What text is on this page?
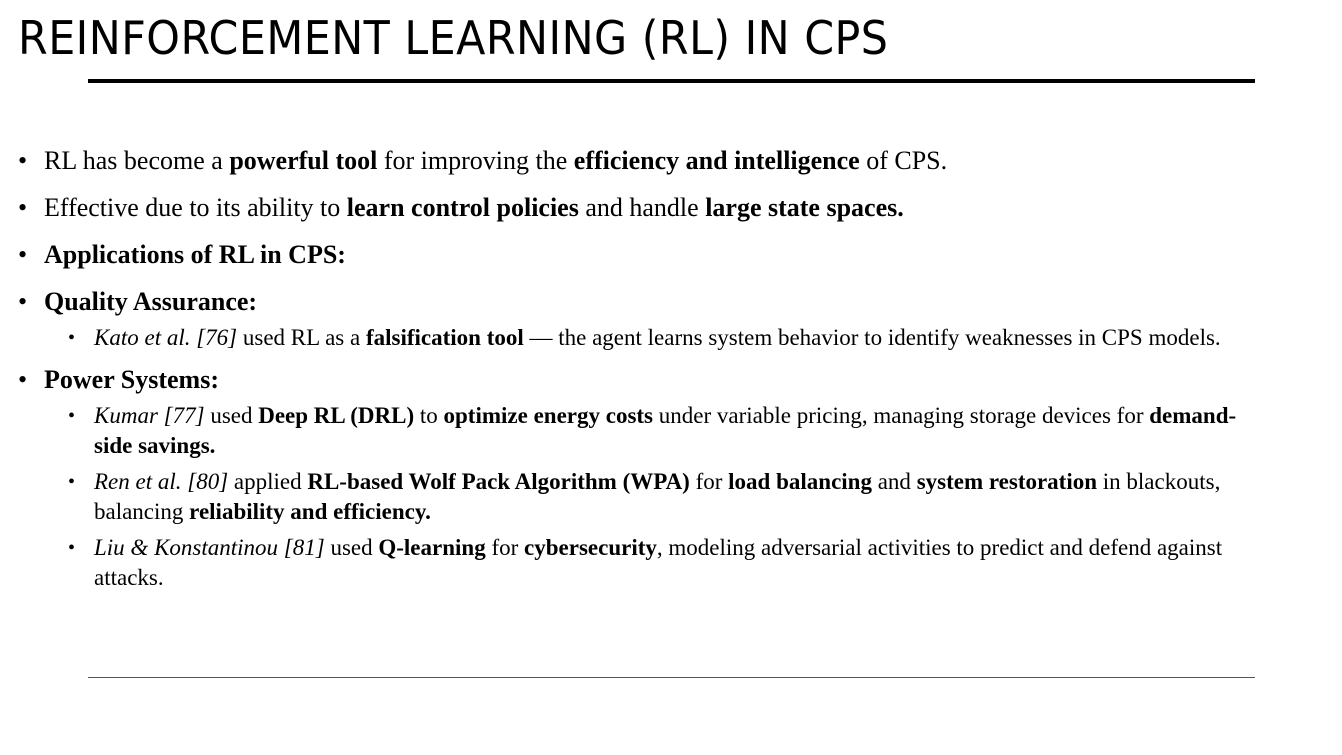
REINFORCEMENT LEARNING (RL) IN CPS
• RL has become a powerful tool for improving the efficiency and intelligence of CPS.
• Effective due to its ability to learn control policies and handle large state spaces.
• Applications of RL in CPS:
• Quality Assurance:
• Kato et al. [76] used RL as a falsification tool — the agent learns system behavior to identify weaknesses in CPS models.
• Power Systems:
• Kumar [77] used Deep RL (DRL) to optimize energy costs under variable pricing, managing storage devices for demand-side savings.
• Ren et al. [80] applied RL-based Wolf Pack Algorithm (WPA) for load balancing and system restoration in blackouts, balancing reliability and efficiency.
• Liu & Konstantinou [81] used Q-learning for cybersecurity, modeling adversarial activities to predict and defend against attacks.
